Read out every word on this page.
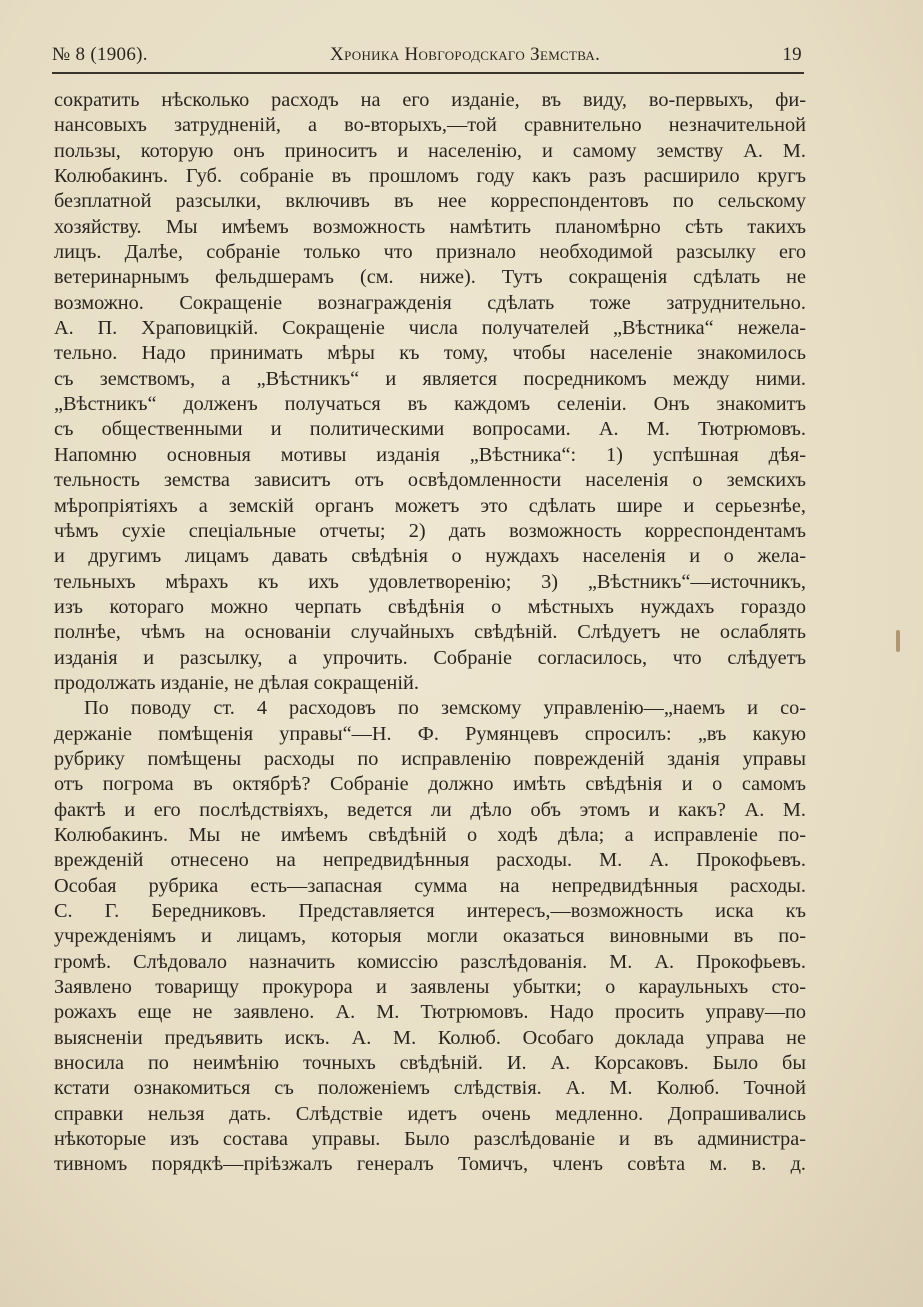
№ 8 (1906).	Хроника Новгородскаго Земства.	19
сократить нѣсколько расходъ на его изданіе, въ виду, во-первыхъ, фи-
нансовыхъ затрудненій, а во-вторыхъ,—той сравнительно незначительной
пользы, которую онъ приноситъ и населенію, и самому земству А. М.
Колюбакинъ. Губ. собраніе въ прошломъ году какъ разъ расширило кругъ
безплатной разсылки, включивъ въ нее корреспондентовъ по сельскому
хозяйству. Мы имѣемъ возможность намѣтить планомѣрно сѣть такихъ
лицъ. Далѣе, собраніе только что признало необходимой разсылку его
ветеринарнымъ фельдшерамъ (см. ниже). Тутъ сокращенія сдѣлать не
возможно. Сокращеніе вознагражденія сдѣлать тоже затруднительно.
А. П. Храповицкій. Сокращеніе числа получателей „Вѣстника“ нежела-
тельно. Надо принимать мѣры къ тому, чтобы населеніе знакомилось
съ земствомъ, а „Вѣстникъ“ и является посредникомъ между ними.
„Вѣстникъ“ долженъ получаться въ каждомъ селеніи. Онъ знакомитъ
съ общественными и политическими вопросами. А. М. Тютрюмовъ.
Напомню основныя мотивы изданія „Вѣстника“: 1) успѣшная дѣя-
тельность земства зависитъ отъ освѣдомленности населенія о земскихъ
мѣропріятіяхъ а земскій органъ можетъ это сдѣлать шире и серьезнѣе,
чѣмъ сухіе спеціальные отчеты; 2) дать возможность корреспондентамъ
и другимъ лицамъ давать свѣдѣнія о нуждахъ населенія и о жела-
тельныхъ мѣрахъ къ ихъ удовлетворенію; 3) „Вѣстникъ“—источникъ,
изъ котораго можно черпать свѣдѣнія о мѣстныхъ нуждахъ гораздо
полнѣе, чѣмъ на основаніи случайныхъ свѣдѣній. Слѣдуетъ не ослаблять
изданія и разсылку, а упрочить. Собраніе согласилось, что слѣдуетъ
продолжать изданіе, не дѣлая сокращеній.
По поводу ст. 4 расходовъ по земскому управленію—„наемъ и со-
держаніе помѣщенія управы“—Н. Ф. Румянцевъ спросилъ: „въ какую
рубрику помѣщены расходы по исправленію поврежденій зданія управы
отъ погрома въ октябрѣ? Собраніе должно имѣть свѣдѣнія и о самомъ
фактѣ и его послѣдствіяхъ, ведется ли дѣло объ этомъ и какъ? А. М.
Колюбакинъ. Мы не имѣемъ свѣдѣній о ходѣ дѣла; а исправленіе по-
врежденій отнесено на непредвидѣнныя расходы. М. А. Прокофьевъ.
Особая рубрика есть—запасная сумма на непредвидѣнныя расходы.
С. Г. Бередниковъ. Представляется интересъ,—возможность иска къ
учрежденіямъ и лицамъ, которыя могли оказаться виновными въ по-
громѣ. Слѣдовало назначить комиссію разслѣдованія. М. А. Прокофьевъ.
Заявлено товарищу прокурора и заявлены убытки; о караульныхъ сто-
рожахъ еще не заявлено. А. М. Тютрюмовъ. Надо просить управу—по
выясненіи предъявить искъ. А. М. Колюб. Особаго доклада управа не
вносила по неимѣнію точныхъ свѣдѣній. И. А. Корсаковъ. Было бы
кстати ознакомиться съ положеніемъ слѣдствія. А. М. Колюб. Точной
справки нельзя дать. Слѣдствіе идетъ очень медленно. Допрашивались
нѣкоторые изъ состава управы. Было разслѣдованіе и въ администра-
тивномъ порядкѣ—пріѣзжалъ генералъ Томичъ, членъ совѣта м. в. д.
